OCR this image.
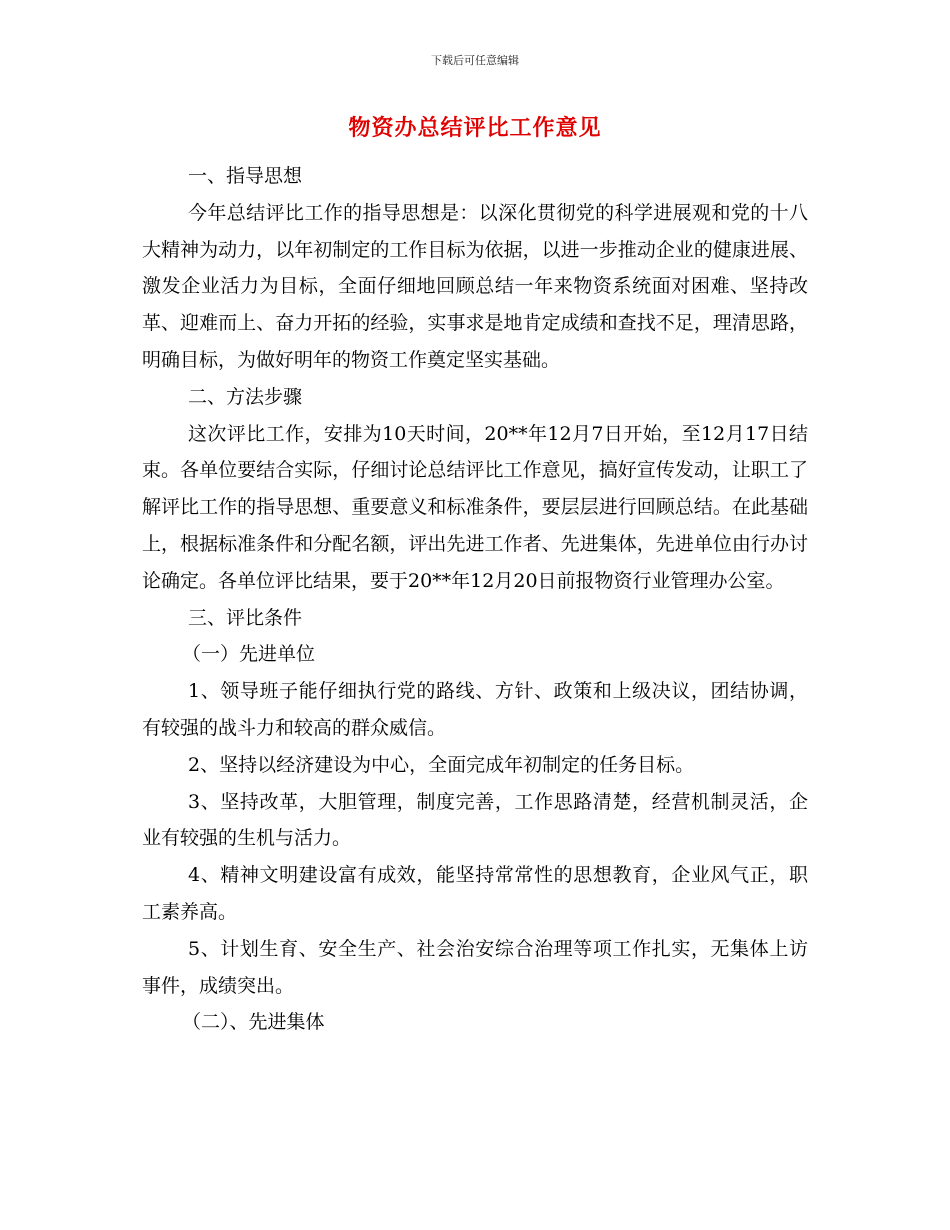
下载后可任意编辑
物资办总结评比工作意见

一、指导思想

今年总结评比工作的指导思想是：以深化贯彻党的科学进展观和党的十八大精神为动力，以年初制定的工作目标为依据，以进一步推动企业的健康进展、激发企业活力为目标，全面仔细地回顾总结一年来物资系统面对困难、坚持改革、迎难而上、奋力开拓的经验，实事求是地肯定成绩和查找不足，理清思路，明确目标，为做好明年的物资工作奠定坚实基础。

二、方法步骤

这次评比工作，安排为10天时间，20**年12月7日开始，至12月17日结束。各单位要结合实际，仔细讨论总结评比工作意见，搞好宣传发动，让职工了解评比工作的指导思想、重要意义和标准条件，要层层进行回顾总结。在此基础上，根据标准条件和分配名额，评出先进工作者、先进集体，先进单位由行办讨论确定。各单位评比结果，要于20**年12月20日前报物资行业管理办公室。

三、评比条件

（一）先进单位

1、领导班子能仔细执行党的路线、方针、政策和上级决议，团结协调，有较强的战斗力和较高的群众威信。

2、坚持以经济建设为中心，全面完成年初制定的任务目标。

3、坚持改革，大胆管理，制度完善，工作思路清楚，经营机制灵活，企业有较强的生机与活力。

4、精神文明建设富有成效，能坚持常常性的思想教育，企业风气正，职工素养高。

5、计划生育、安全生产、社会治安综合治理等项工作扎实，无集体上访事件，成绩突出。

（二）、先进集体
